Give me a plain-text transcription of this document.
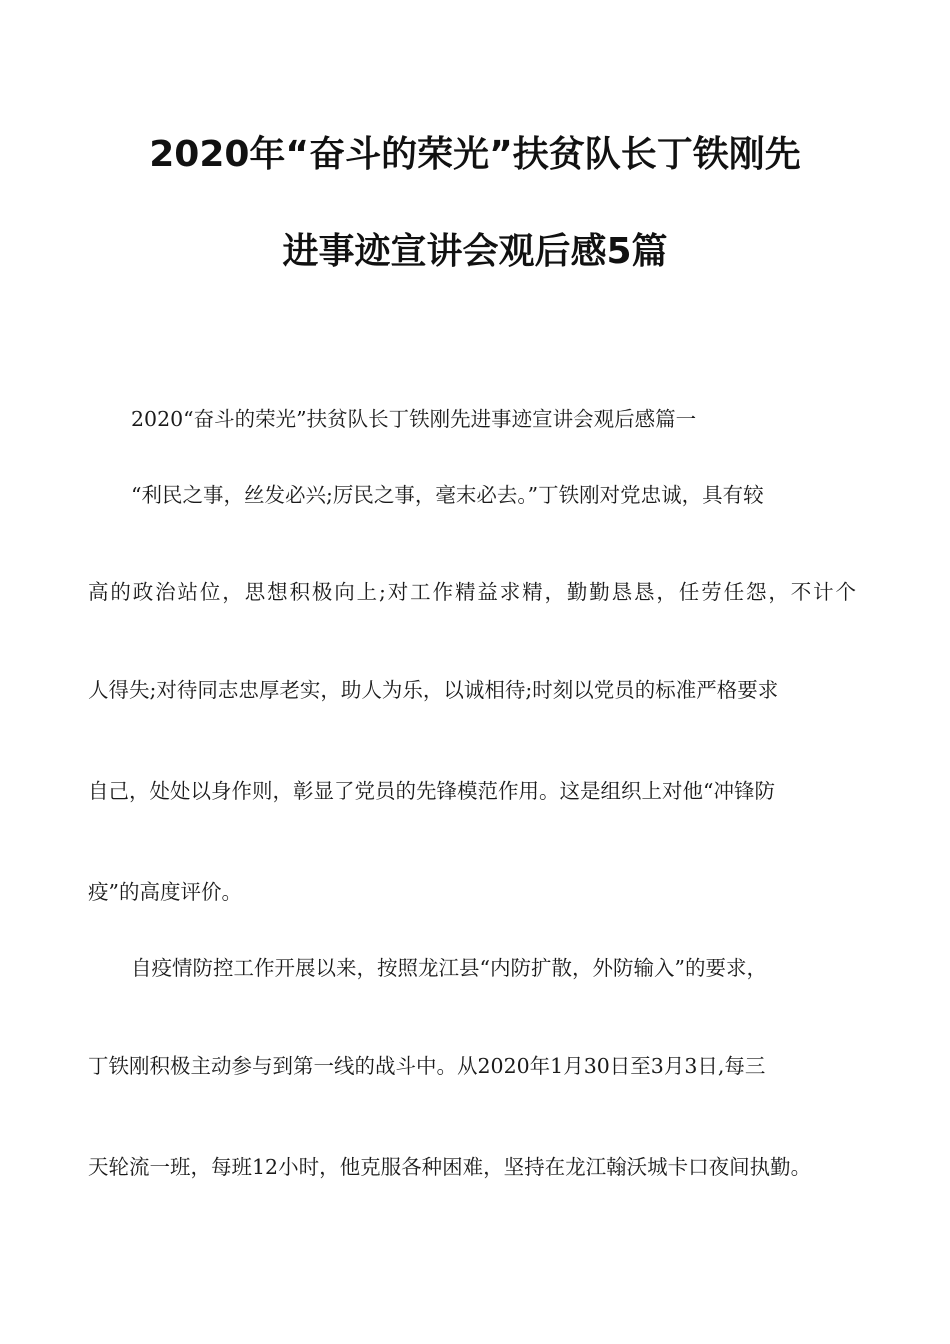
2020年“奋斗的荣光”扶贫队长丁铁刚先
进事迹宣讲会观后感5篇
2020“奋斗的荣光”扶贫队长丁铁刚先进事迹宣讲会观后感篇一
“利民之事，丝发必兴;厉民之事，毫末必去。”丁铁刚对党忠诚，具有较
高的政治站位，思想积极向上;对工作精益求精，勤勤恳恳，任劳任怨，不计个
人得失;对待同志忠厚老实，助人为乐，以诚相待;时刻以党员的标准严格要求
自己，处处以身作则，彰显了党员的先锋模范作用。这是组织上对他“冲锋防
疫”的高度评价。
自疫情防控工作开展以来，按照龙江县“内防扩散，外防输入”的要求，
丁铁刚积极主动参与到第一线的战斗中。从2020年1月30日至3月3日,每三
天轮流一班，每班12小时，他克服各种困难，坚持在龙江翰沃城卡口夜间执勤。
